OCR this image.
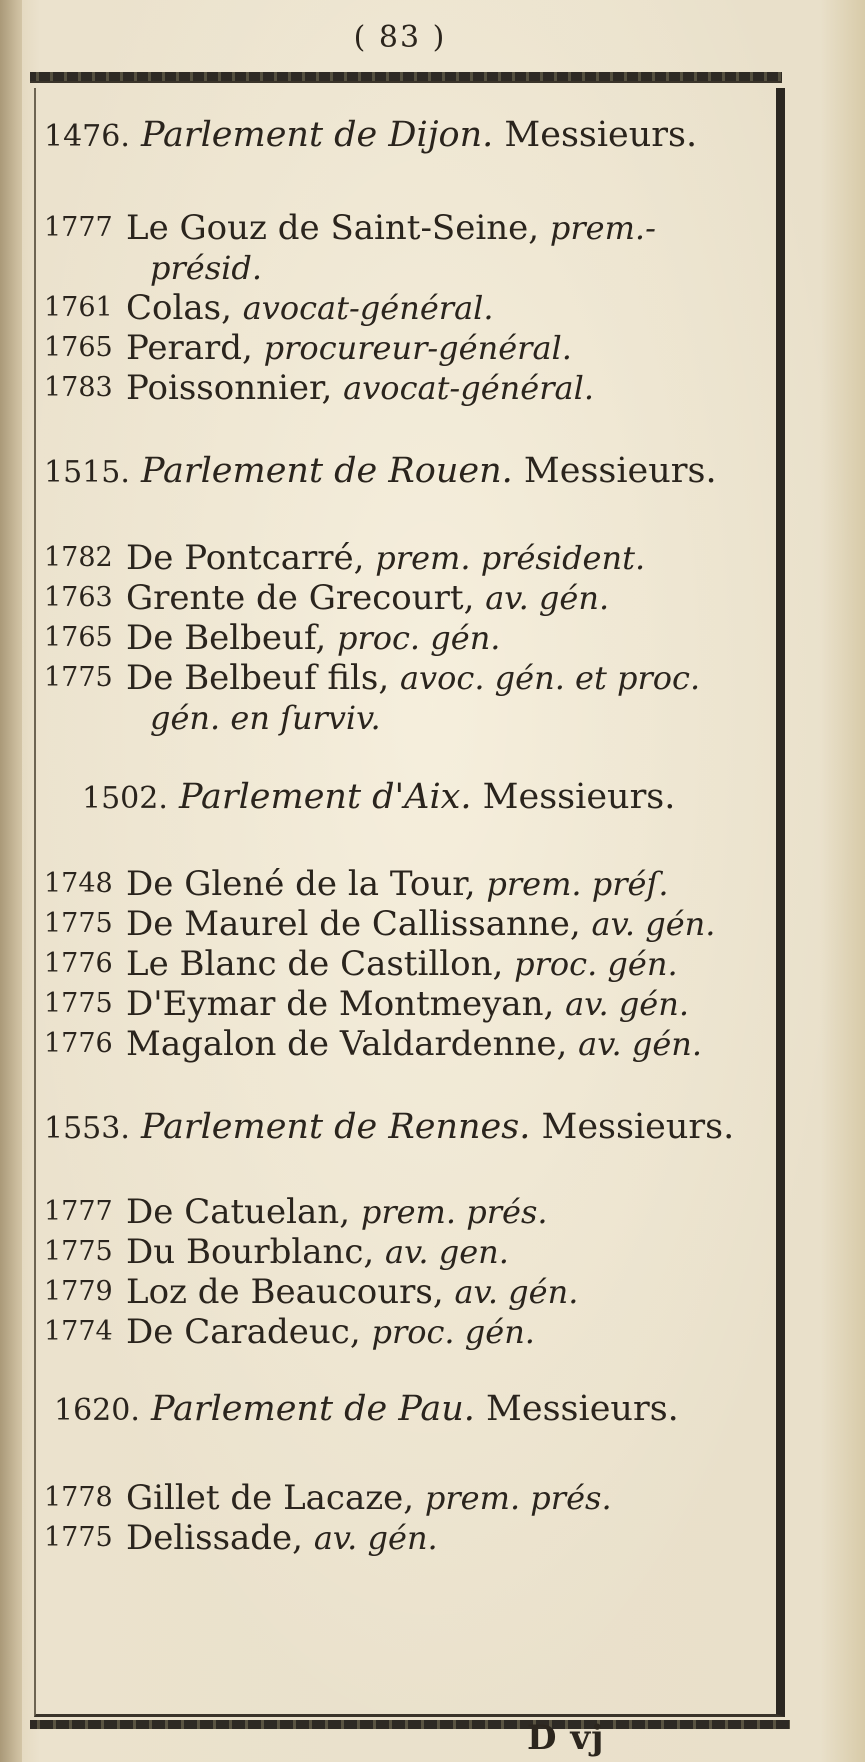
( 83 )
1476. Parlement de Dijon. Messieurs.
1777 Le Gouz de Saint-Seine, prem.-
présid.
1761 Colas, avocat-général.
1765 Perard, procureur-général.
1783 Poissonnier, avocat-général.
1515. Parlement de Rouen. Messieurs.
1782 De Pontcarré, prem. président.
1763 Grente de Grecourt, av. gén.
1765 De Belbeuf, proc. gén.
1775 De Belbeuf fils, avoc. gén. et proc.
gén. en ſurviv.
1502. Parlement d'Aix. Messieurs.
1748 De Glené de la Tour, prem. préſ.
1775 De Maurel de Callissanne, av. gén.
1776 Le Blanc de Castillon, proc. gén.
1775 D'Eymar de Montmeyan, av. gén.
1776 Magalon de Valdardenne, av. gén.
1553. Parlement de Rennes. Messieurs.
1777 De Catuelan, prem. prés.
1775 Du Bourblanc, av. gen.
1779 Loz de Beaucours, av. gén.
1774 De Caradeuc, proc. gén.
1620. Parlement de Pau. Messieurs.
1778 Gillet de Lacaze, prem. prés.
1775 Delissade, av. gén.
D vj
